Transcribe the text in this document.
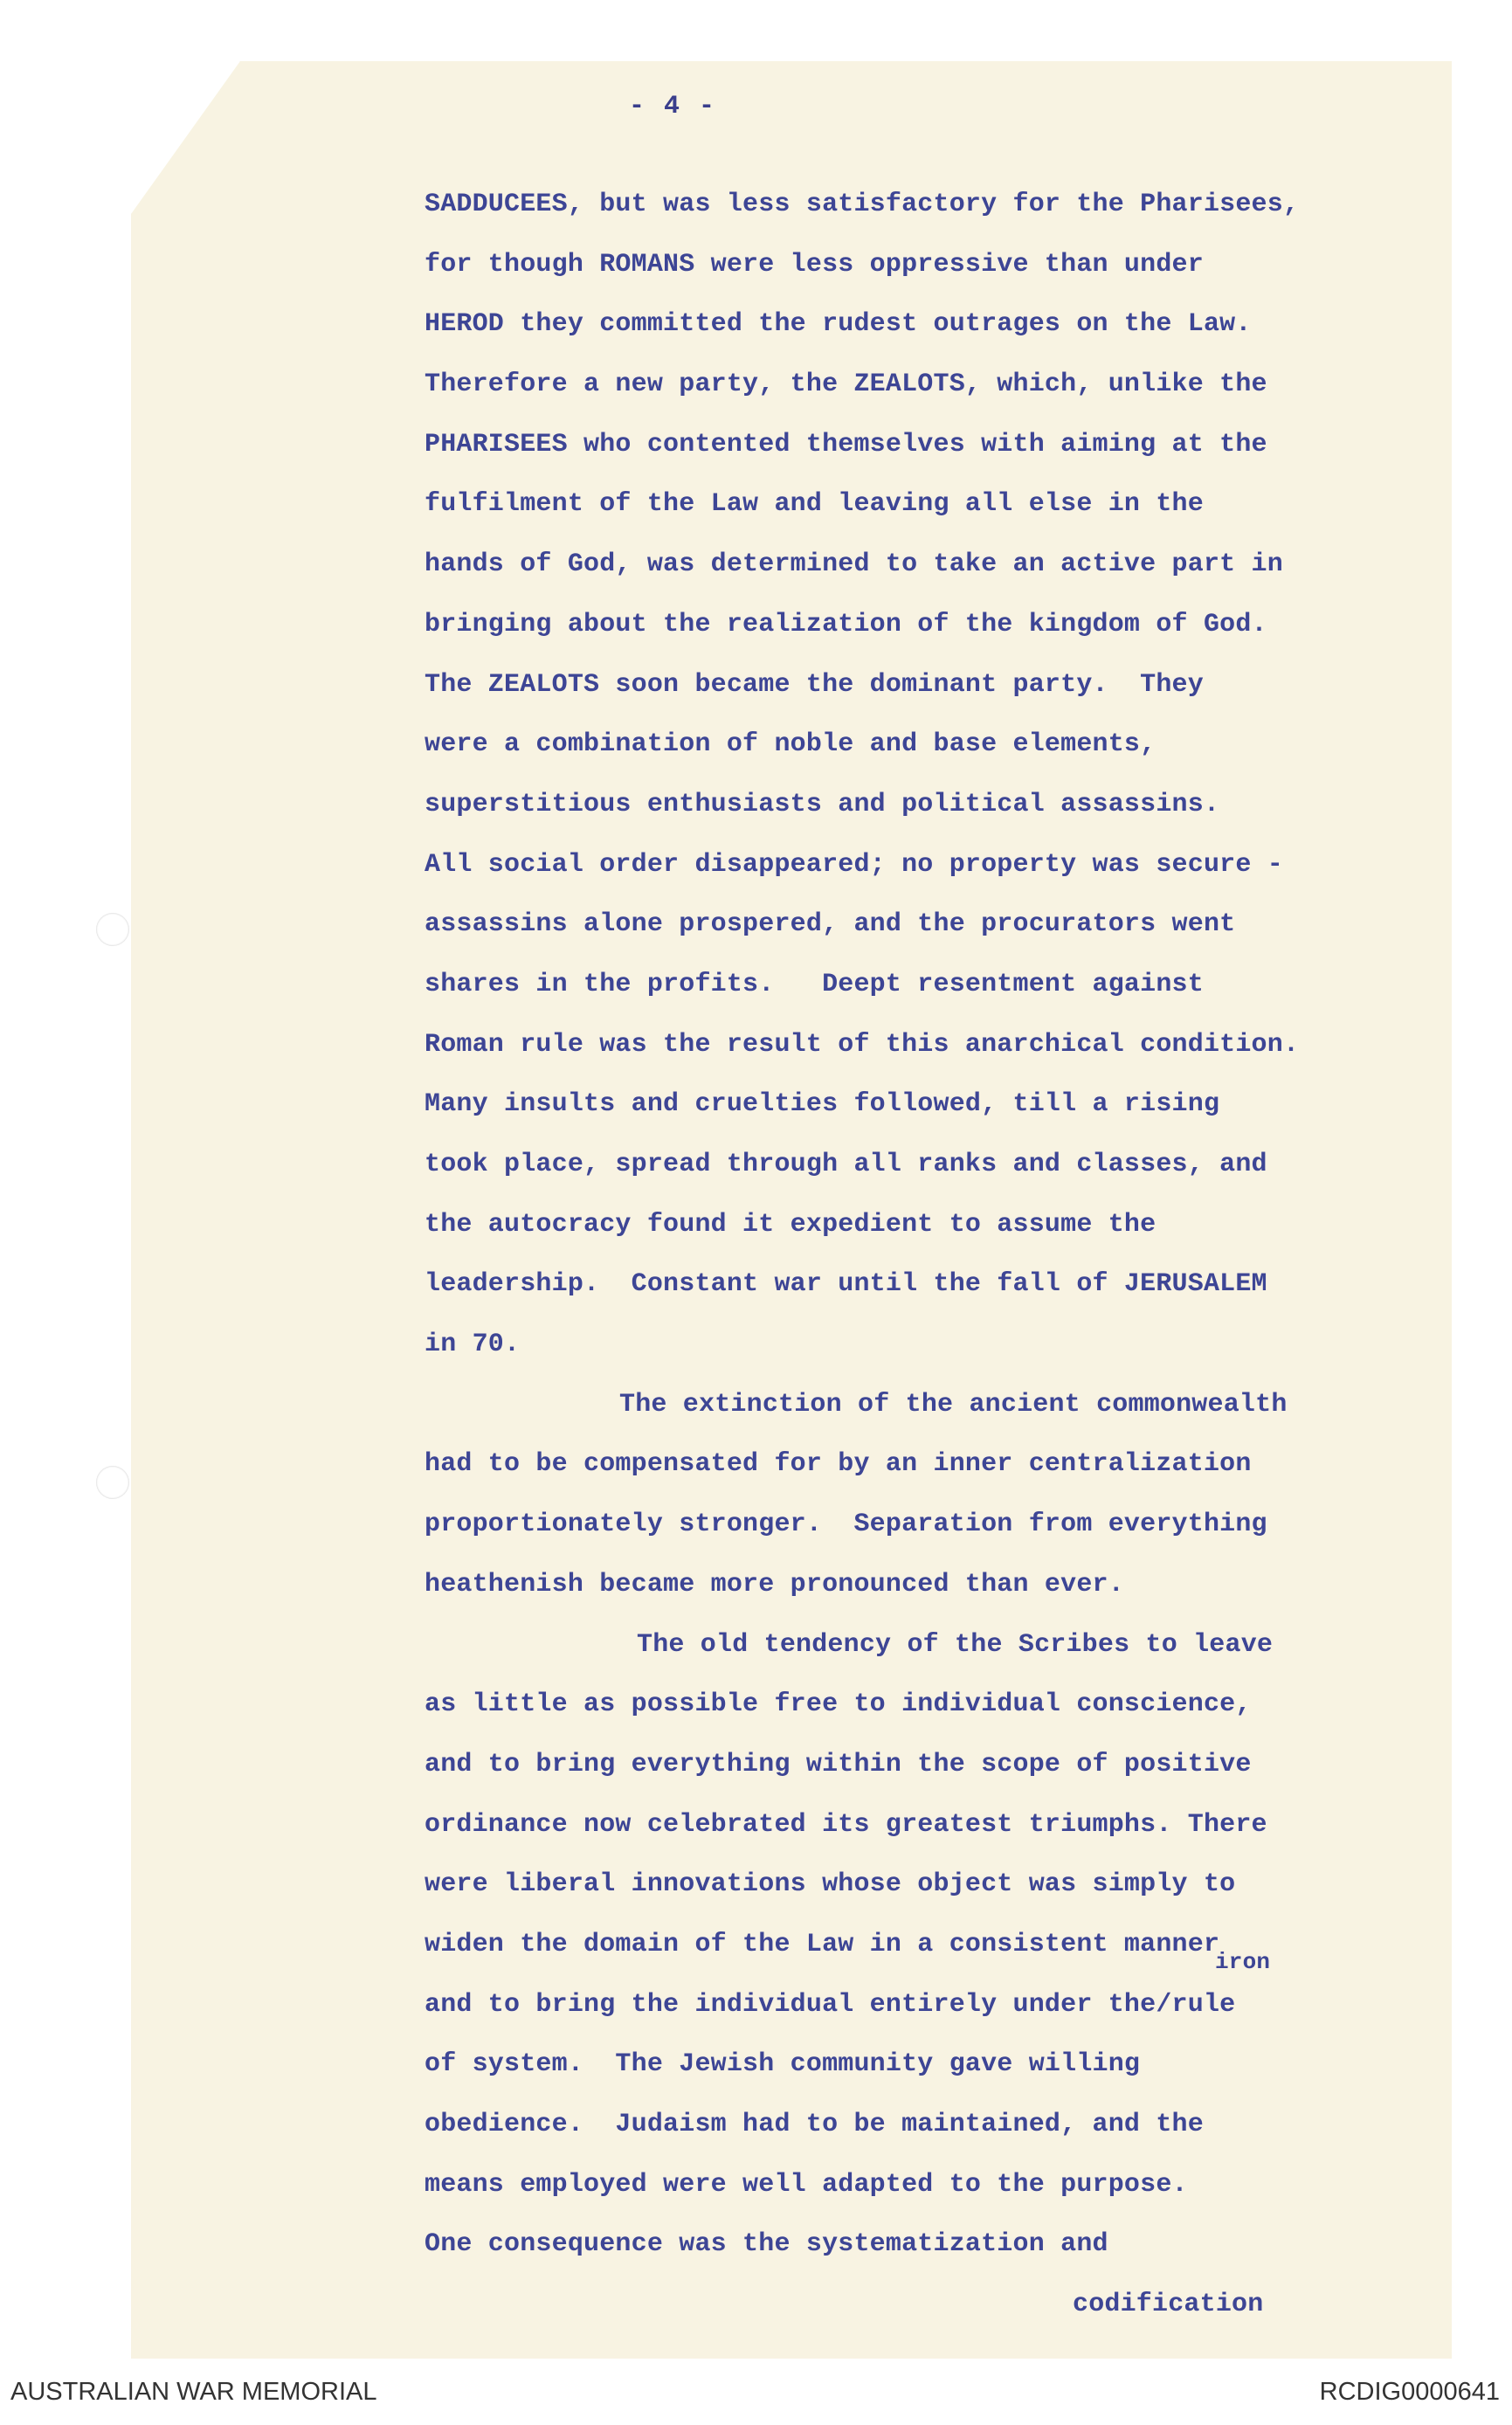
- 4 -
SADDUCEES, but was less satisfactory for the Pharisees,
for though ROMANS were less oppressive than under
HEROD they committed the rudest outrages on the Law.
Therefore a new party, the ZEALOTS, which, unlike the
PHARISEES who contented themselves with aiming at the
fulfilment of the Law and leaving all else in the
hands of God, was determined to take an active part in
bringing about the realization of the kingdom of God.
The ZEALOTS soon became the dominant party.  They
were a combination of noble and base elements,
superstitious enthusiasts and political assassins.
All social order disappeared; no property was secure -
assassins alone prospered, and the procurators went
shares in the profits.   Deept resentment against
Roman rule was the result of this anarchical condition.
Many insults and cruelties followed, till a rising
took place, spread through all ranks and classes, and
the autocracy found it expedient to assume the
leadership.  Constant war until the fall of JERUSALEM
in 70.
The extinction of the ancient commonwealth
had to be compensated for by an inner centralization
proportionately stronger.  Separation from everything
heathenish became more pronounced than ever.
The old tendency of the Scribes to leave
as little as possible free to individual conscience,
and to bring everything within the scope of positive
ordinance now celebrated its greatest triumphs. There
were liberal innovations whose object was simply to
widen the domain of the Law in a consistent manner
iron
and to bring the individual entirely under the/rule
of system.  The Jewish community gave willing
obedience.  Judaism had to be maintained, and the
means employed were well adapted to the purpose.
One consequence was the systematization and
codification
AUSTRALIAN WAR MEMORIAL	RCDIG0000641
